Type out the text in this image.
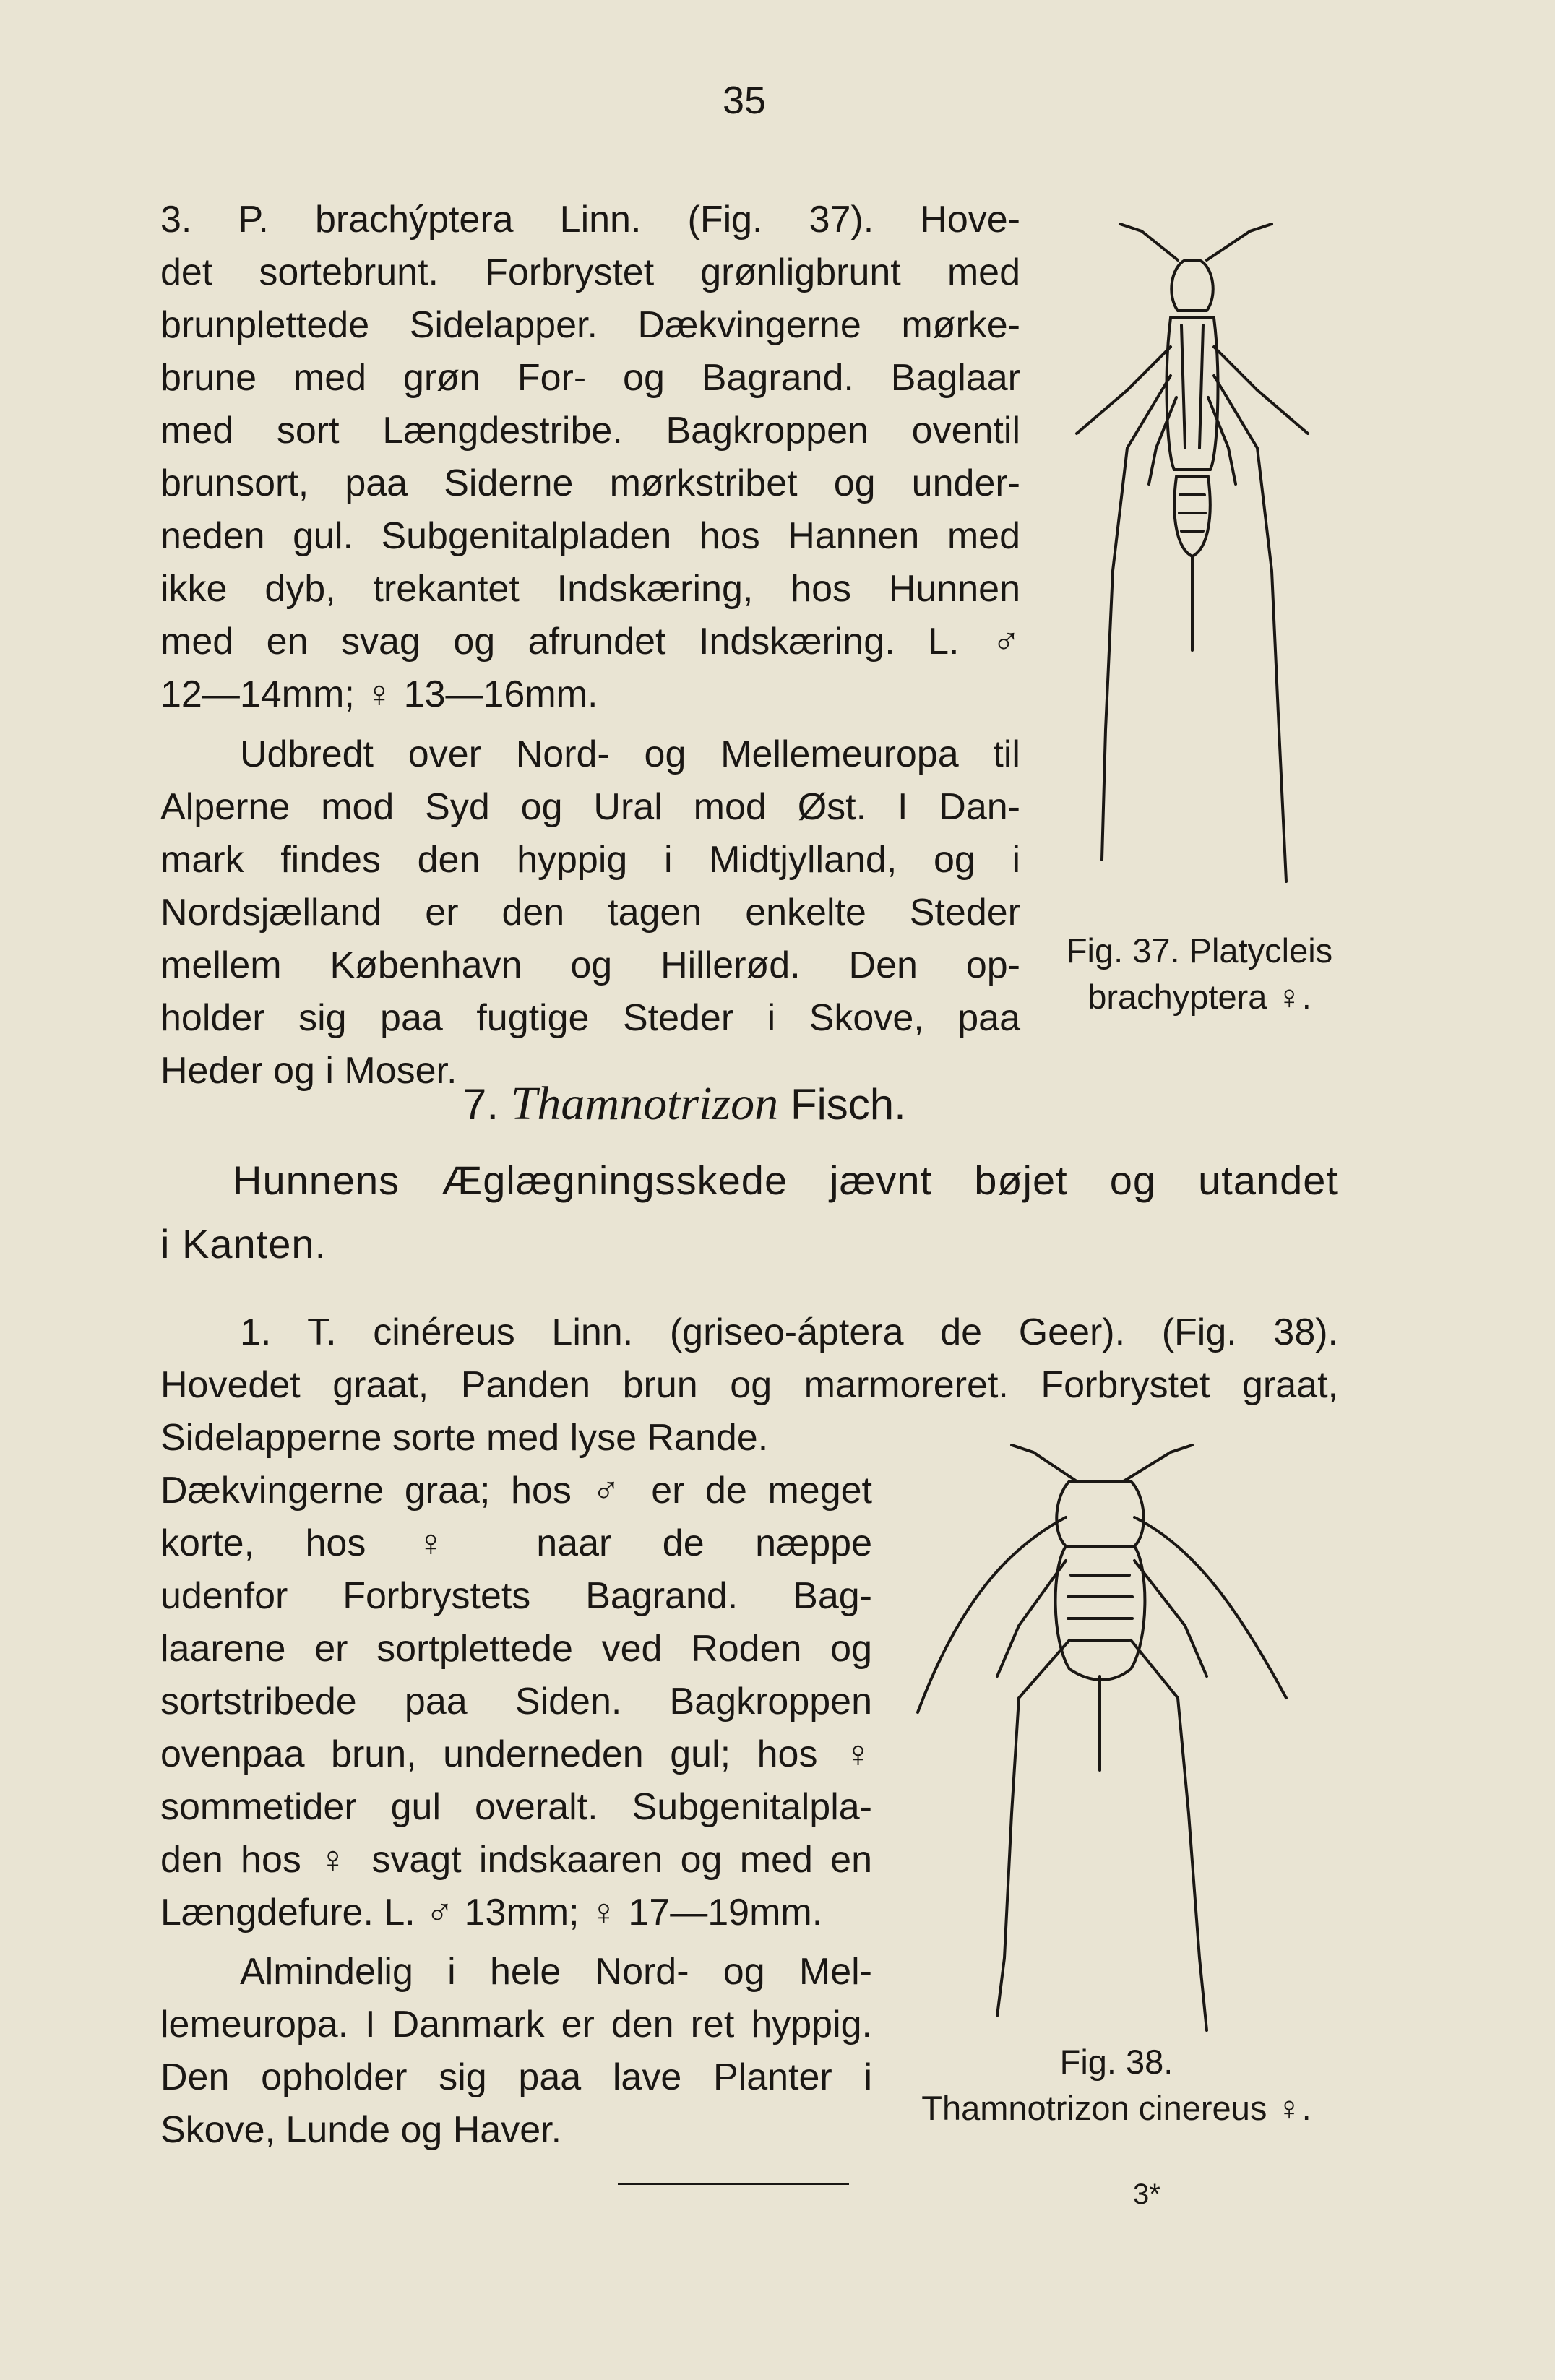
35
3. P. brachýptera Linn. (Fig. 37). Hove-
det sortebrunt. Forbrystet grønligbrunt med
brunplettede Sidelapper. Dækvingerne mørke-
brune med grøn For- og Bagrand. Baglaar
med sort Længdestribe. Bagkroppen oventil
brunsort, paa Siderne mørkstribet og under-
neden gul. Subgenitalpladen hos Hannen med
ikke dyb, trekantet Indskæring, hos Hunnen
med en svag og afrundet Indskæring. L. ♂
12—14mm; ♀ 13—16mm.
Udbredt over Nord- og Mellemeuropa til
Alperne mod Syd og Ural mod Øst. I Dan-
mark findes den hyppig i Midtjylland, og i
Nordsjælland er den tagen enkelte Steder
mellem København og Hillerød. Den op-
holder sig paa fugtige Steder i Skove, paa
Heder og i Moser.
Fig. 37. Platycleis
brachyptera ♀.
7. Thamnotrizon Fisch.
Hunnens Æglægningsskede jævnt bøjet og utandet
i Kanten.
1. T. cinéreus Linn. (griseo-áptera de Geer). (Fig. 38).
Hovedet graat, Panden brun og marmoreret. Forbrystet graat,
Sidelapperne sorte med lyse Rande.
Dækvingerne graa; hos ♂ er de meget
korte, hos ♀ naar de næppe
udenfor Forbrystets Bagrand. Bag-
laarene er sortplettede ved Roden og
sortstribede paa Siden. Bagkroppen
ovenpaa brun, underneden gul; hos ♀
sommetider gul overalt. Subgenitalpla-
den hos ♀ svagt indskaaren og med en
Længdefure. L. ♂ 13mm; ♀ 17—19mm.
Almindelig i hele Nord- og Mel-
lemeuropa. I Danmark er den ret hyppig.
Den opholder sig paa lave Planter i
Skove, Lunde og Haver.
Fig. 38.
Thamnotrizon cinereus ♀.
3*
